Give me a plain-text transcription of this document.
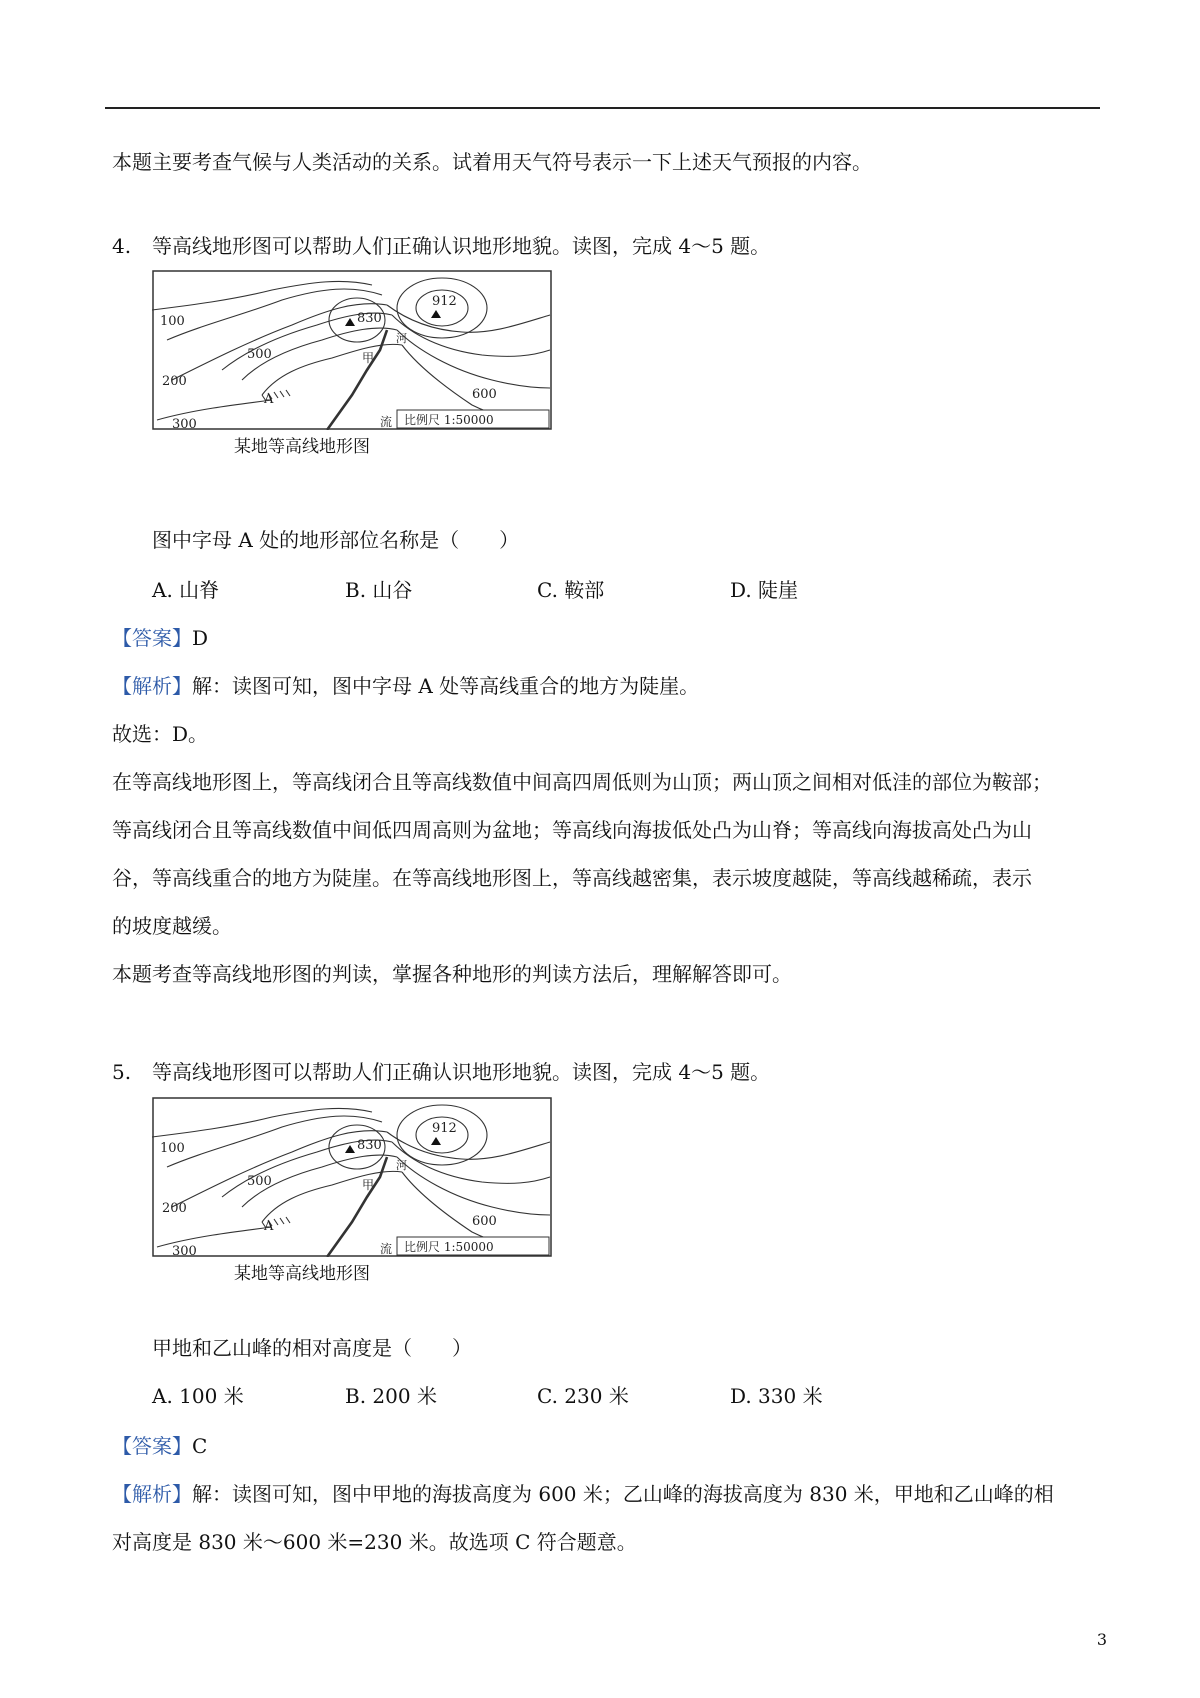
本题主要考查气候与人类活动的关系。试着用天气符号表示一下上述天气预报的内容。
4. 等高线地形图可以帮助人们正确认识地形地貌。读图，完成 4～5 题。
100
200
300
500
600
830
912
甲
河
流
A
比例尺 1:50000
某地等高线地形图
图中字母 A 处的地形部位名称是（　　）
A. 山脊	B. 山谷	C. 鞍部	D. 陡崖
【答案】D
【解析】解：读图可知，图中字母 A 处等高线重合的地方为陡崖。
故选：D。
在等高线地形图上，等高线闭合且等高线数值中间高四周低则为山顶；两山顶之间相对低洼的部位为鞍部；
等高线闭合且等高线数值中间低四周高则为盆地；等高线向海拔低处凸为山脊；等高线向海拔高处凸为山
谷，等高线重合的地方为陡崖。在等高线地形图上，等高线越密集，表示坡度越陡，等高线越稀疏，表示
的坡度越缓。
本题考查等高线地形图的判读，掌握各种地形的判读方法后，理解解答即可。
5. 等高线地形图可以帮助人们正确认识地形地貌。读图，完成 4～5 题。
100
200
300
500
600
830
912
甲
河
流
A
比例尺 1:50000
某地等高线地形图
甲地和乙山峰的相对高度是（　　）
A. 100 米	B. 200 米	C. 230 米	D. 330 米
【答案】C
【解析】解：读图可知，图中甲地的海拔高度为 600 米；乙山峰的海拔高度为 830 米，甲地和乙山峰的相
对高度是 830 米～600 米=230 米。故选项 C 符合题意。
3
